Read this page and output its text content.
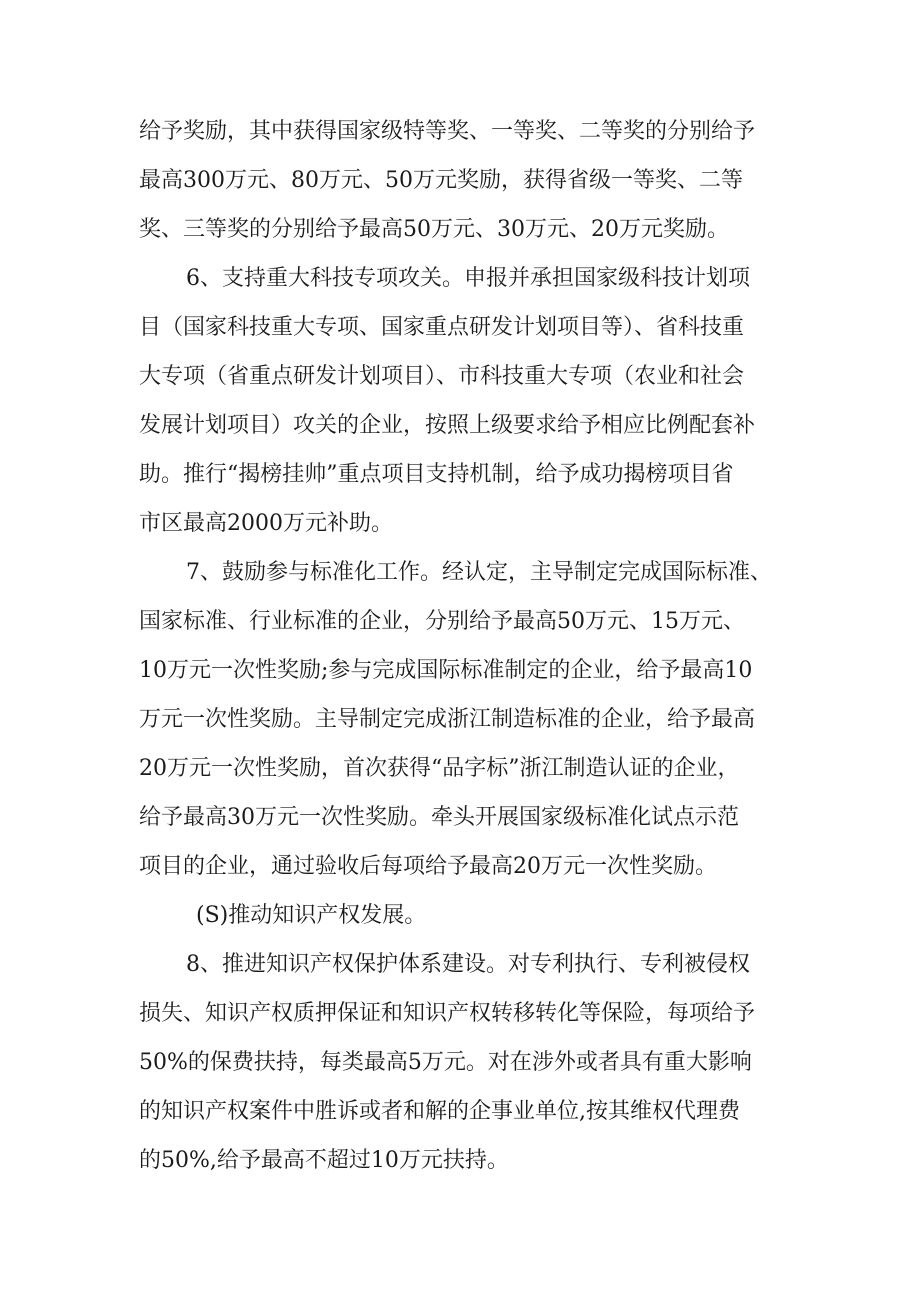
给予奖励，其中获得国家级特等奖、一等奖、二等奖的分别给予
最高300万元、80万元、50万元奖励，获得省级一等奖、二等
奖、三等奖的分别给予最高50万元、30万元、20万元奖励。
6、支持重大科技专项攻关。申报并承担国家级科技计划项
目（国家科技重大专项、国家重点研发计划项目等）、省科技重
大专项（省重点研发计划项目）、市科技重大专项（农业和社会
发展计划项目）攻关的企业，按照上级要求给予相应比例配套补
助。推行“揭榜挂帅”重点项目支持机制，给予成功揭榜项目省
市区最高2000万元补助。
7、鼓励参与标准化工作。经认定，主导制定完成国际标准、
国家标准、行业标准的企业，分别给予最高50万元、15万元、
10万元一次性奖励;参与完成国际标准制定的企业，给予最高10
万元一次性奖励。主导制定完成浙江制造标准的企业，给予最高
20万元一次性奖励，首次获得“品字标”浙江制造认证的企业，
给予最高30万元一次性奖励。牵头开展国家级标准化试点示范
项目的企业，通过验收后每项给予最高20万元一次性奖励。
(S)推动知识产权发展。
8、推进知识产权保护体系建设。对专利执行、专利被侵权
损失、知识产权质押保证和知识产权转移转化等保险，每项给予
50%的保费扶持，每类最高5万元。对在涉外或者具有重大影响
的知识产权案件中胜诉或者和解的企事业单位,按其维权代理费
的50%,给予最高不超过10万元扶持。
